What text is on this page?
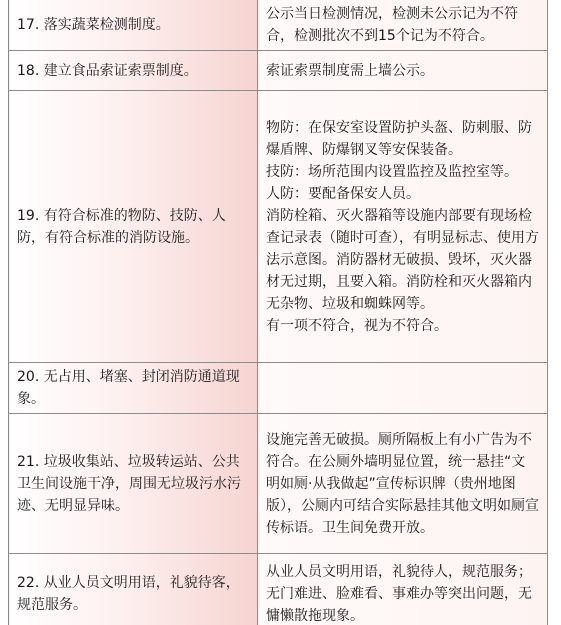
17. 落实蔬菜检测制度。	公示当日检测情况，检测未公示记为不符合，检测批次不到15个记为不符合。

18. 建立食品索证索票制度。	索证索票制度需上墙公示。

19. 有符合标准的物防、技防、人防，有符合标准的消防设施。	物防：在保安室设置防护头盔、防刺服、防爆盾牌、防爆钢叉等安保装备。

技防：场所范围内设置监控及监控室等。

人防：要配备保安人员。

消防栓箱、灭火器箱等设施内部要有现场检查记录表（随时可查），有明显标志、使用方法示意图。消防器材无破损、毁坏，灭火器材无过期，且要入箱。消防栓和灭火器箱内无杂物、垃圾和蜘蛛网等。

有一项不符合，视为不符合。

20. 无占用、堵塞、封闭消防通道现象。	
21. 垃圾收集站、垃圾转运站、公共卫生间设施干净，周围无垃圾污水污迹、无明显异味。	设施完善无破损。厕所隔板上有小广告为不符合。在公厕外墙明显位置，统一悬挂“文明如厕·从我做起”宣传标识牌（贵州地图版），公厕内可结合实际悬挂其他文明如厕宣传标语。卫生间免费开放。

22. 从业人员文明用语，礼貌待客，规范服务。	从业人员文明用语，礼貌待人，规范服务；无门难进、脸难看、事难办等突出问题，无慵懒散拖现象。
